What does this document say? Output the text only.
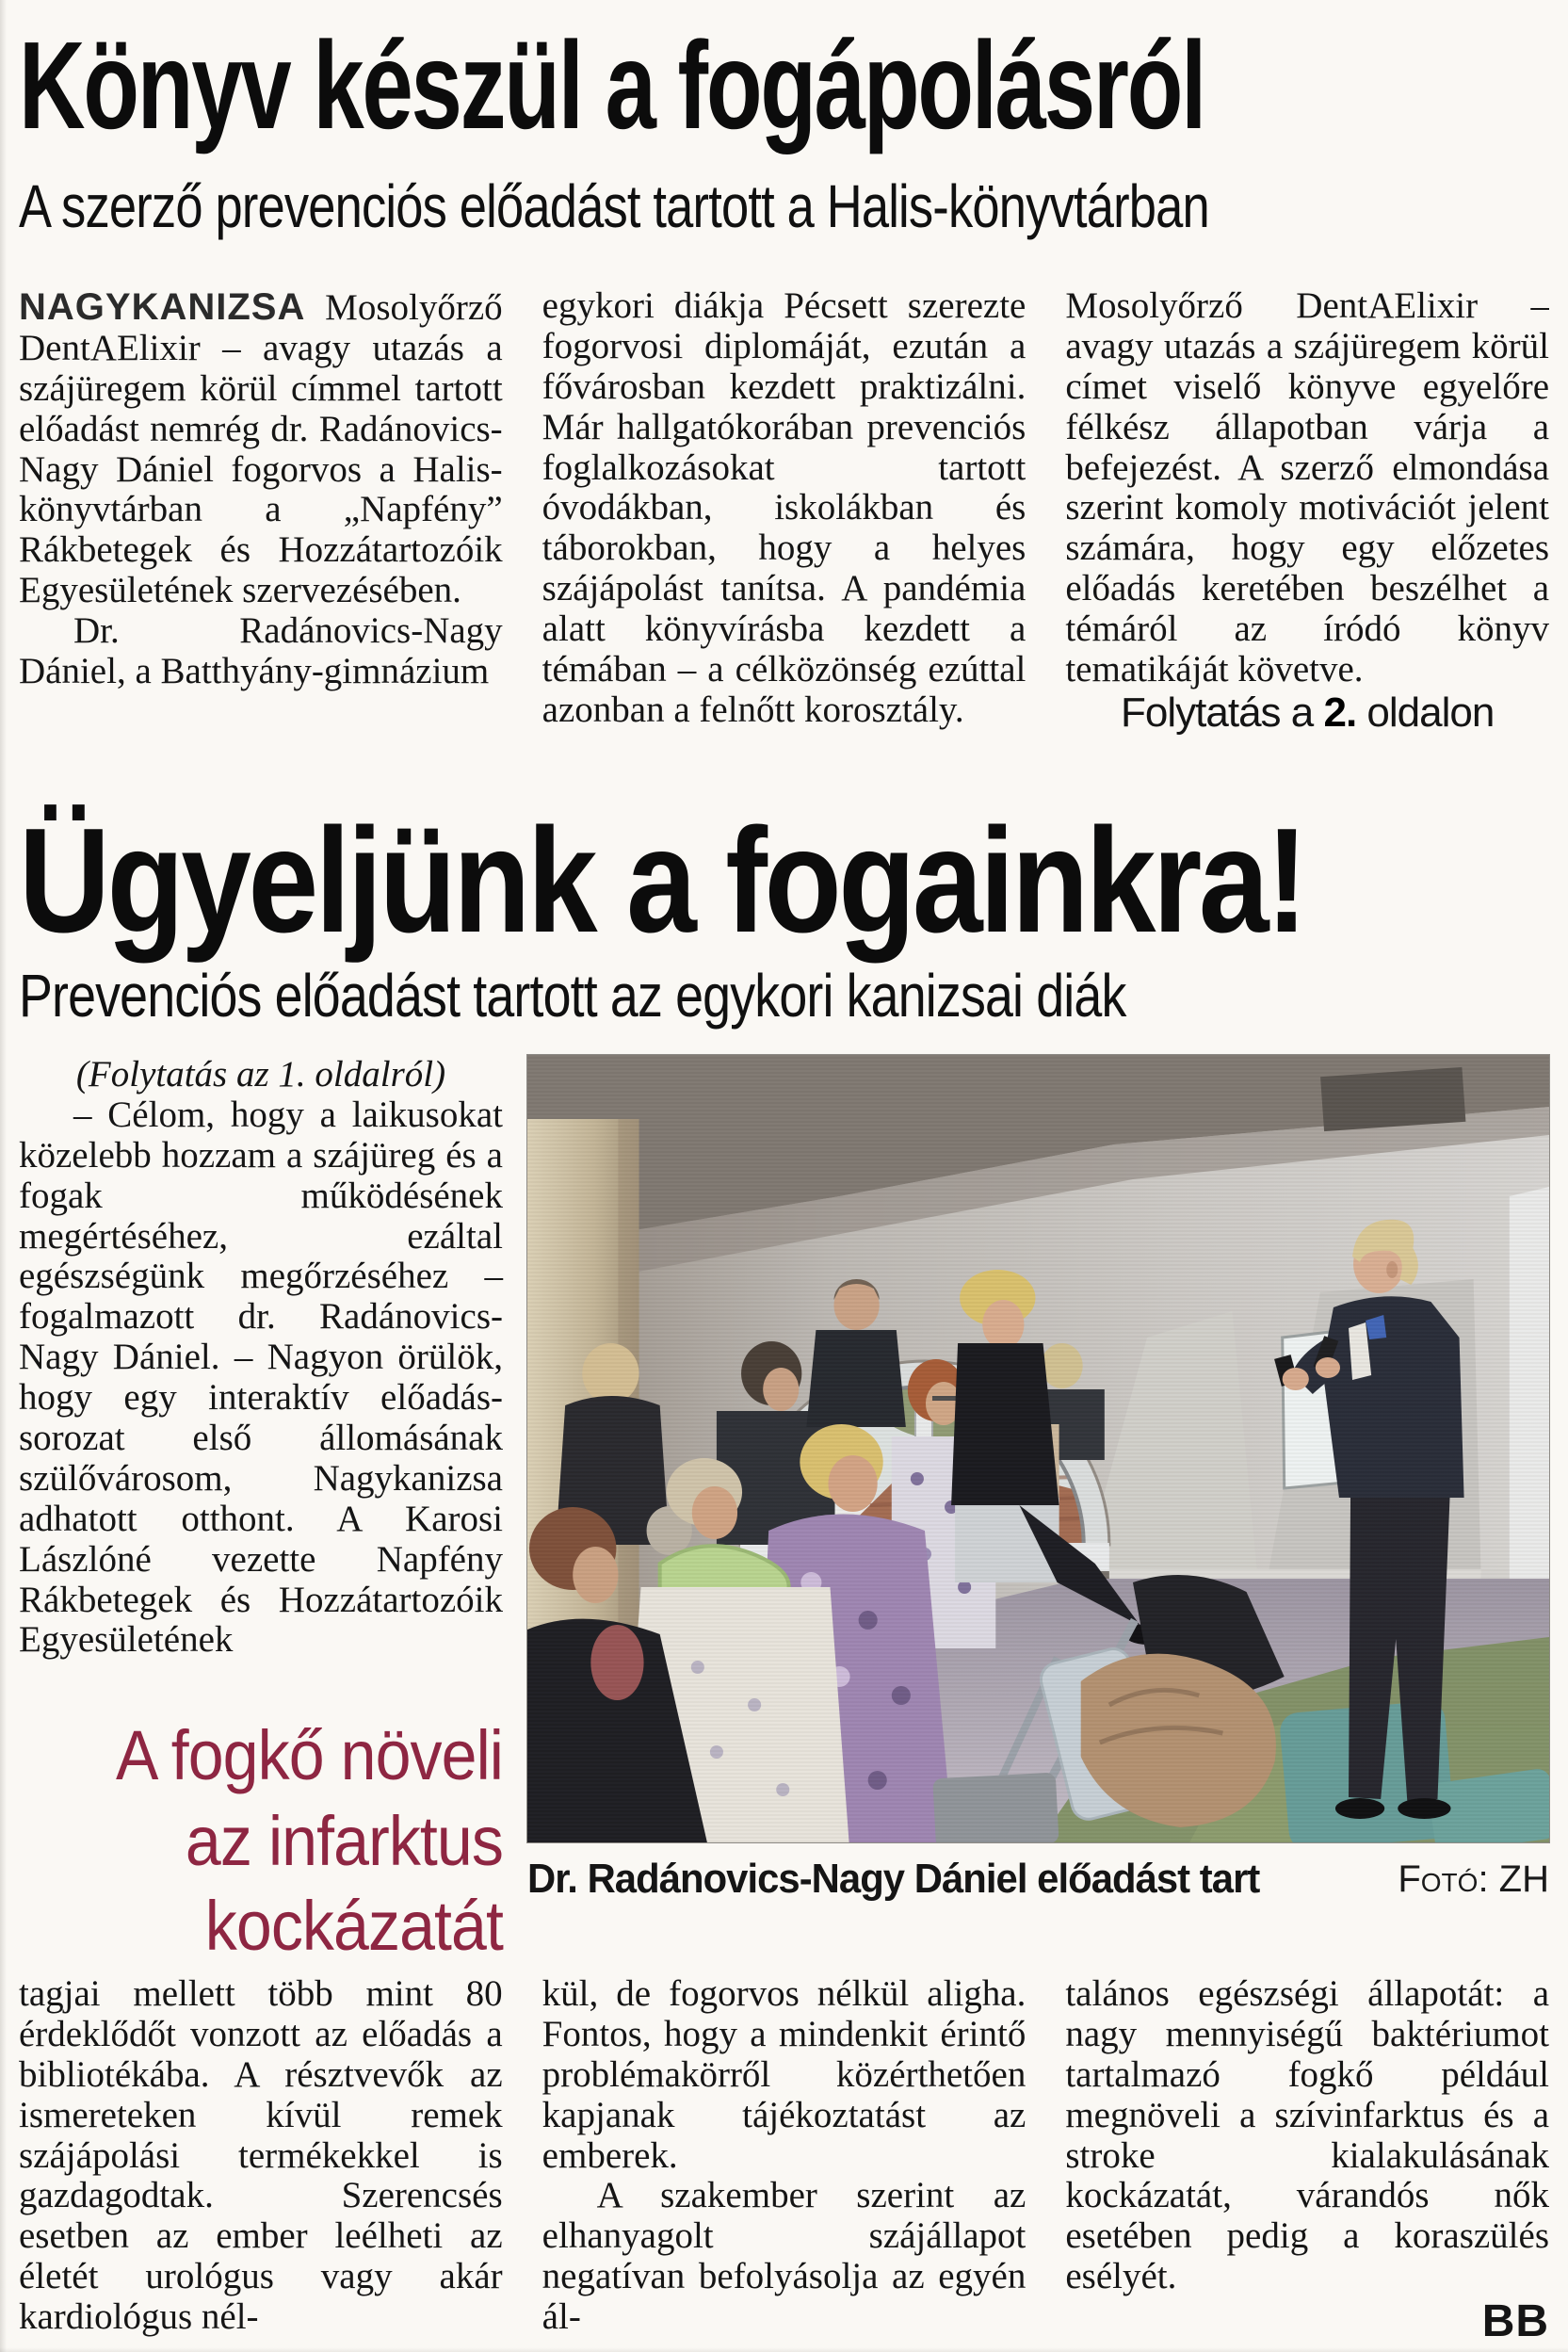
Könyv készül a fogápolásról
A szerző prevenciós előadást tartott a Halis-könyvtárban

NAGYKANIZSA Mosolyőrző DentAElixir – avagy utazás a szájüregem körül címmel tartott előadást nemrég dr. Radánovics-Nagy Dániel fogorvos a Halis-könyvtárban a „Napfény” Rákbetegek és Hozzátartozóik Egyesületének szervezésében.

Dr. Radánovics-Nagy Dániel, a Batthyány-gimnázium

egykori diákja Pécsett szerezte fogorvosi diplomáját, ezután a fővárosban kezdett praktizálni. Már hallgatókorában prevenciós foglalkozásokat tartott óvodákban, iskolákban és táborokban, hogy a helyes szájápolást tanítsa. A pandémia alatt könyvírásba kezdett a témában – a célközönség ezúttal azonban a felnőtt korosztály.

Mosolyőrző DentAElixir – avagy utazás a szájüregem körül címet viselő könyve egyelőre félkész állapotban várja a befejezést. A szerző elmondása szerint komoly motivációt jelent számára, hogy egy előzetes előadás keretében beszélhet a témáról az íródó könyv tematikáját követve.

Folytatás a 2. oldalon

Ügyeljünk a fogainkra!
Prevenciós előadást tartott az egykori kanizsai diák

(Folytatás az 1. oldalról)

– Célom, hogy a laikusokat közelebb hozzam a szájüreg és a fogak működésének megértéséhez, ezáltal egészségünk megőrzéséhez – fogalmazott dr. Radánovics-Nagy Dániel. – Nagyon örülök, hogy egy interaktív előadás-sorozat első állomásának szülővárosom, Nagykanizsa adhatott otthont. A Karosi Lászlóné vezette Napfény Rákbetegek és Hozzátartozóik Egyesületének

A fogkő növeli
az infarktus
kockázatát
Dr. Radánovics-Nagy Dániel előadást tart	Fotó: ZH

tagjai mellett több mint 80 érdeklődőt vonzott az előadás a bibliotékába. A résztvevők az ismereteken kívül remek szájápolási termékekkel is gazdagodtak. Szerencsés esetben az ember leélheti az életét urológus vagy akár kardiológus nél-

kül, de fogorvos nélkül aligha. Fontos, hogy a mindenkit érintő problémakörről közérthetően kapjanak tájékoztatást az emberek.

A szakember szerint az elhanyagolt szájállapot negatívan befolyásolja az egyén ál-

talános egészségi állapotát: a nagy mennyiségű baktériumot tartalmazó fogkő például megnöveli a szívinfarktus és a stroke kialakulásának kockázatát, várandós nők esetében pedig a koraszülés esélyét.

BB
